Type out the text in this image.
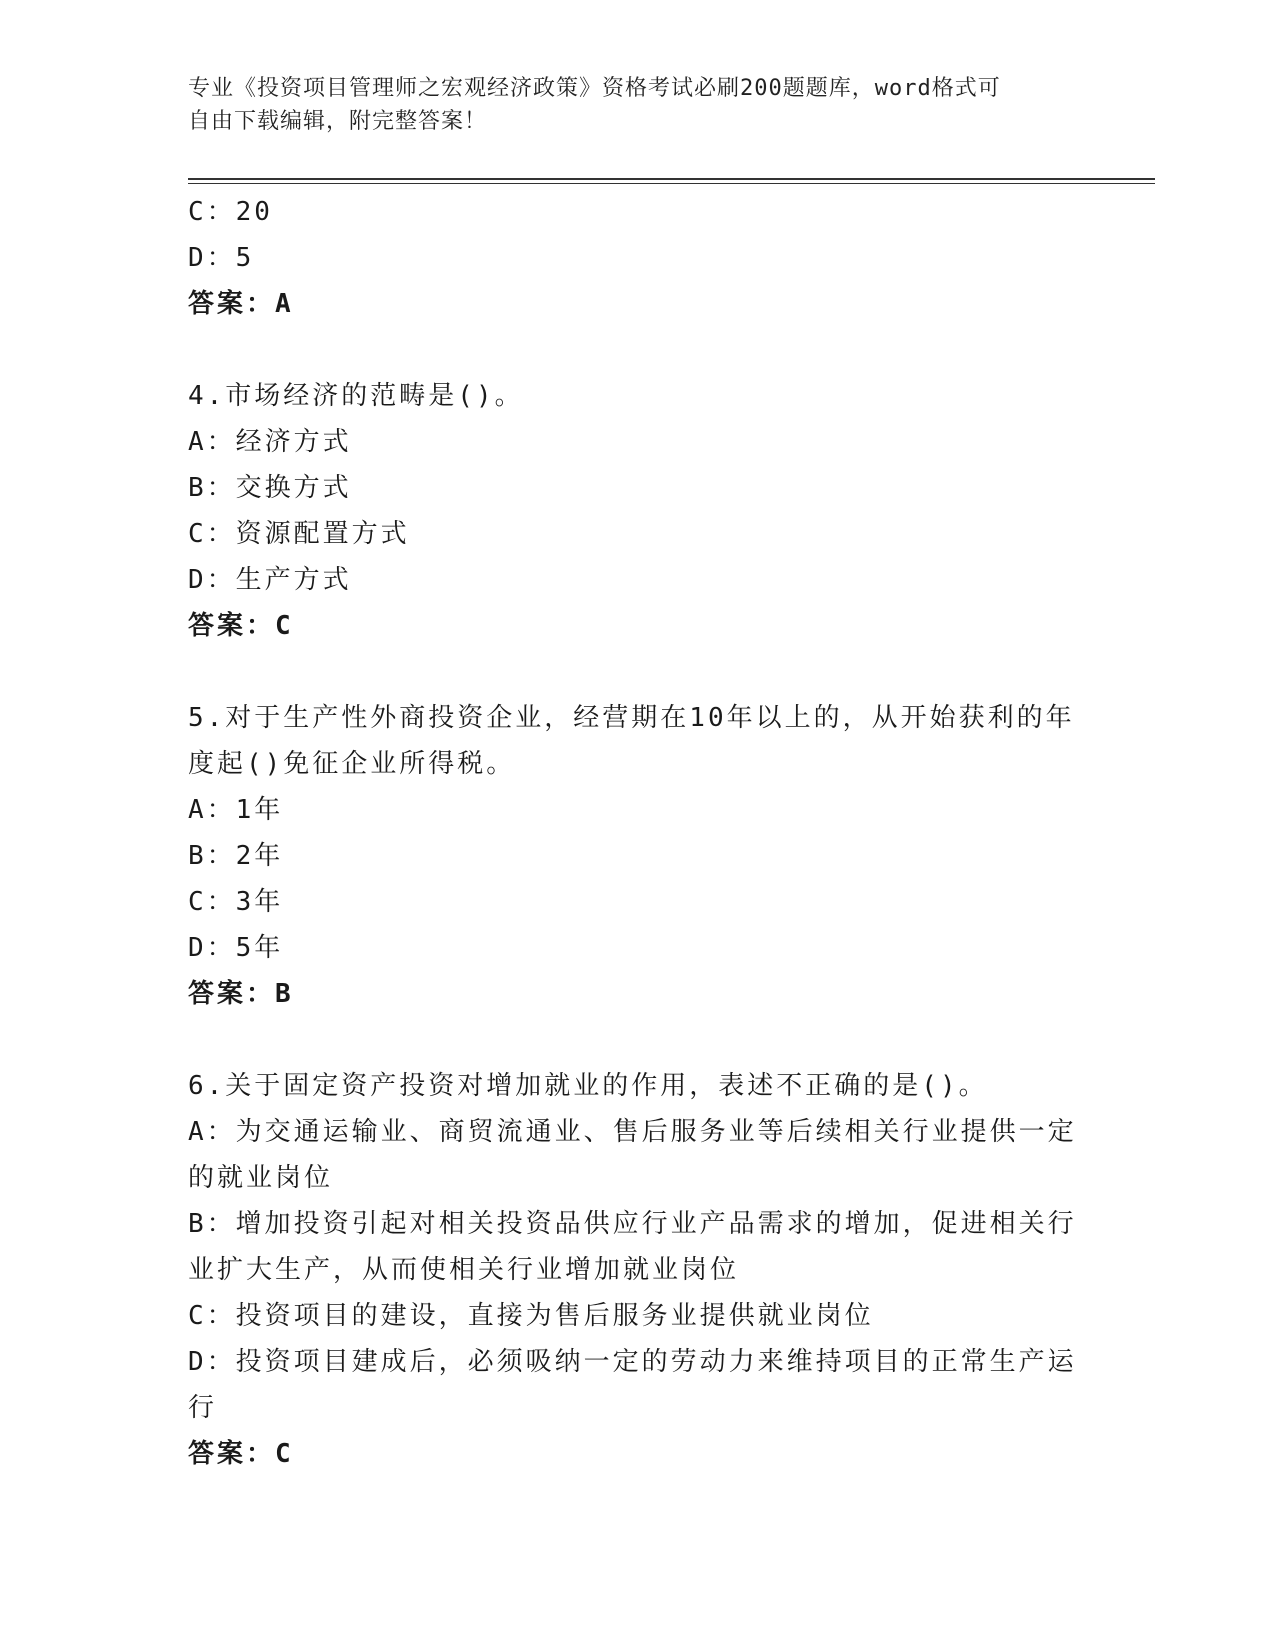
专业《投资项目管理师之宏观经济政策》资格考试必刷200题题库，word格式可
自由下载编辑，附完整答案！
C：20
D：5
答案：A
4.市场经济的范畴是()。
A：经济方式
B：交换方式
C：资源配置方式
D：生产方式
答案：C
5.对于生产性外商投资企业，经营期在10年以上的，从开始获利的年
度起()免征企业所得税。
A：1年
B：2年
C：3年
D：5年
答案：B
6.关于固定资产投资对增加就业的作用，表述不正确的是()。
A：为交通运输业、商贸流通业、售后服务业等后续相关行业提供一定
的就业岗位
B：增加投资引起对相关投资品供应行业产品需求的增加，促进相关行
业扩大生产，从而使相关行业增加就业岗位
C：投资项目的建设，直接为售后服务业提供就业岗位
D：投资项目建成后，必须吸纳一定的劳动力来维持项目的正常生产运
行
答案：C
